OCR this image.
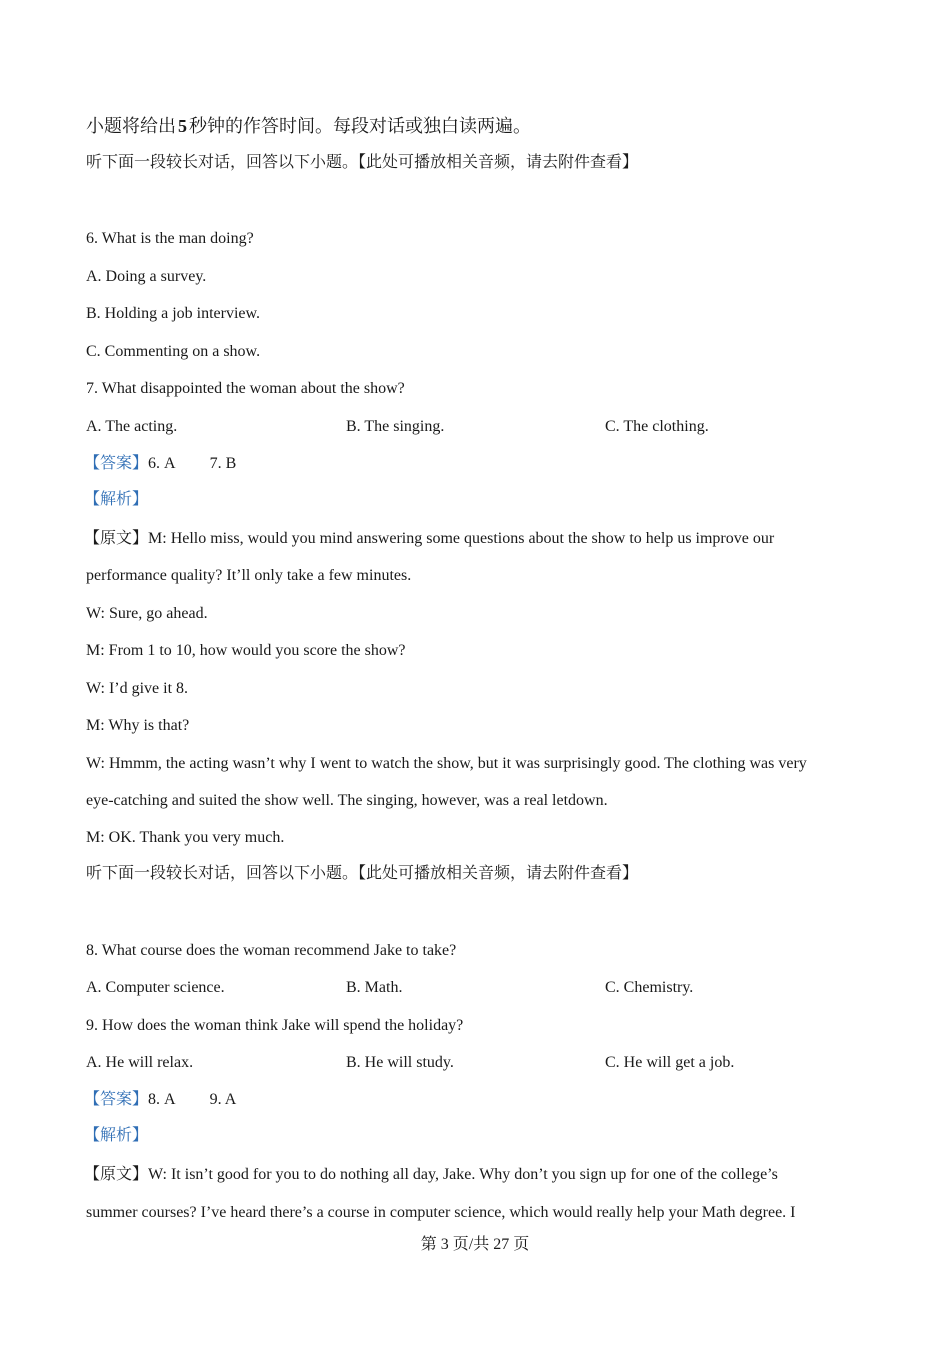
小题将给出 5 秒钟的作答时间。每段对话或独白读两遍。
听下面一段较长对话，回答以下小题。【此处可播放相关音频，请去附件查看】
6. What is the man doing?
A. Doing a survey.
B. Holding a job interview.
C. Commenting on a show.
7. What disappointed the woman about the show?
A. The acting.	B. The singing.	C. The clothing.
【答案】6. A 7. B
【解析】
【原文】M: Hello miss, would you mind answering some questions about the show to help us improve our
performance quality? It’ll only take a few minutes.
W: Sure, go ahead.
M: From 1 to 10, how would you score the show?
W: I’d give it 8.
M: Why is that?
W: Hmmm, the acting wasn’t why I went to watch the show, but it was surprisingly good. The clothing was very
eye-catching and suited the show well. The singing, however, was a real letdown.
M: OK. Thank you very much.
听下面一段较长对话，回答以下小题。【此处可播放相关音频，请去附件查看】
8. What course does the woman recommend Jake to take?
A. Computer science.	B. Math.	C. Chemistry.
9. How does the woman think Jake will spend the holiday?
A. He will relax.	B. He will study.	C. He will get a job.
【答案】8. A 9. A
【解析】
【原文】W: It isn’t good for you to do nothing all day, Jake. Why don’t you sign up for one of the college’s
summer courses? I’ve heard there’s a course in computer science, which would really help your Math degree. I
第 3 页/共 27 页
